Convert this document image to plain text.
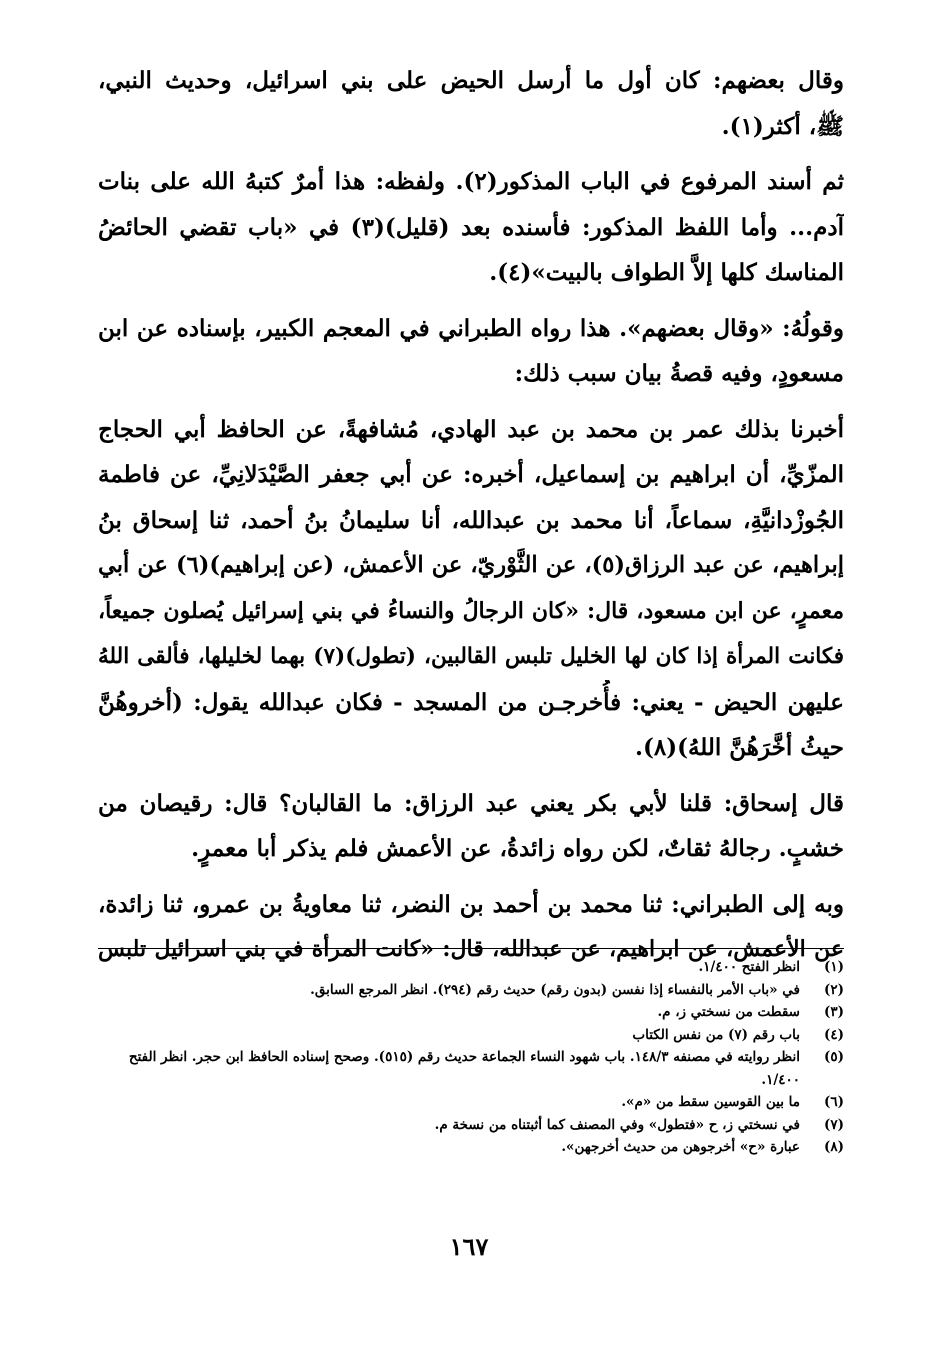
وقال بعضهم: كان أول ما أرسل الحيض على بني اسرائيل، وحديث النبي،
ﷺ، أكثر(١).
ثم أسند المرفوع في الباب المذكور(٢). ولفظه: هذا أمرٌ كتبهُ الله على بنات
آدم... وأما اللفظ المذكور: فأسنده بعد (قليل)(٣) في «باب تقضي الحائضُ
المناسك كلها إلاَّ الطواف بالبيت»(٤).
وقولُهُ: «وقال بعضهم». هذا رواه الطبراني في المعجم الكبير، بإسناده عن ابن
مسعودٍ، وفيه قصةُ بيان سبب ذلك:
أخبرنا بذلك عمر بن محمد بن عبد الهادي، مُشافهةً، عن الحافظ أبي الحجاج
المزّيِّ، أن ابراهيم بن إسماعيل، أخبره: عن أبي جعفر الصَّيْدَلانِيِّ، عن فاطمة
الجُوزْدانيَّةِ، سماعاً، أنا محمد بن عبدالله، أنا سليمانُ بنُ أحمد، ثنا إسحاق بنُ
إبراهيم، عن عبد الرزاق(٥)، عن الثَّوْريّ، عن الأعمش، (عن إبراهيم)(٦) عن أبي
معمرٍ، عن ابن مسعود، قال: «كان الرجالُ والنساءُ في بني إسرائيل يُصلون جميعاً،
فكانت المرأة إذا كان لها الخليل تلبس القالبين، (تطول)(٧) بهما لخليلها، فألقى اللهُ
عليهن الحيض - يعني: فأُخرجـن من المسجد - فكان عبدالله يقول: (أخروهُنَّ
حيثُ أخَّرَهُنَّ اللهُ)(٨).
قال إسحاق: قلنا لأبي بكر يعني عبد الرزاق: ما القالبان؟ قال: رقيصان من
خشبٍ. رجالهُ ثقاتٌ، لكن رواه زائدةُ، عن الأعمش فلم يذكر أبا معمرٍ.
وبه إلى الطبراني: ثنا محمد بن أحمد بن النضر، ثنا معاويةُ بن عمرو، ثنا زائدة،
عن الأعمش، عن ابراهيم، عن عبدالله، قال: «كانت المرأة في بني اسرائيل تلبس
(١)
انظر الفتح ١/٤٠٠.
(٢)
في «باب الأمر بالنفساء إذا نفسن (بدون رقم) حديث رقم (٢٩٤). انظر المرجع السابق.
(٣)
سقطت من نسختي ز، م.
(٤)
باب رقم (٧) من نفس الكتاب
(٥)
انظر روايته في مصنفه ١٤٨/٣. باب شهود النساء الجماعة حديث رقم (٥١٥). وصحح إسناده الحافظ ابن حجر. انظر الفتح ١/٤٠٠.
(٦)
ما بين القوسين سقط من «م».
(٧)
في نسختي ز، ح «فتطول» وفي المصنف كما أثبتناه من نسخة م.
(٨)
عبارة «ح» أخرجوهن من حديث أخرجهن».
١٦٧
